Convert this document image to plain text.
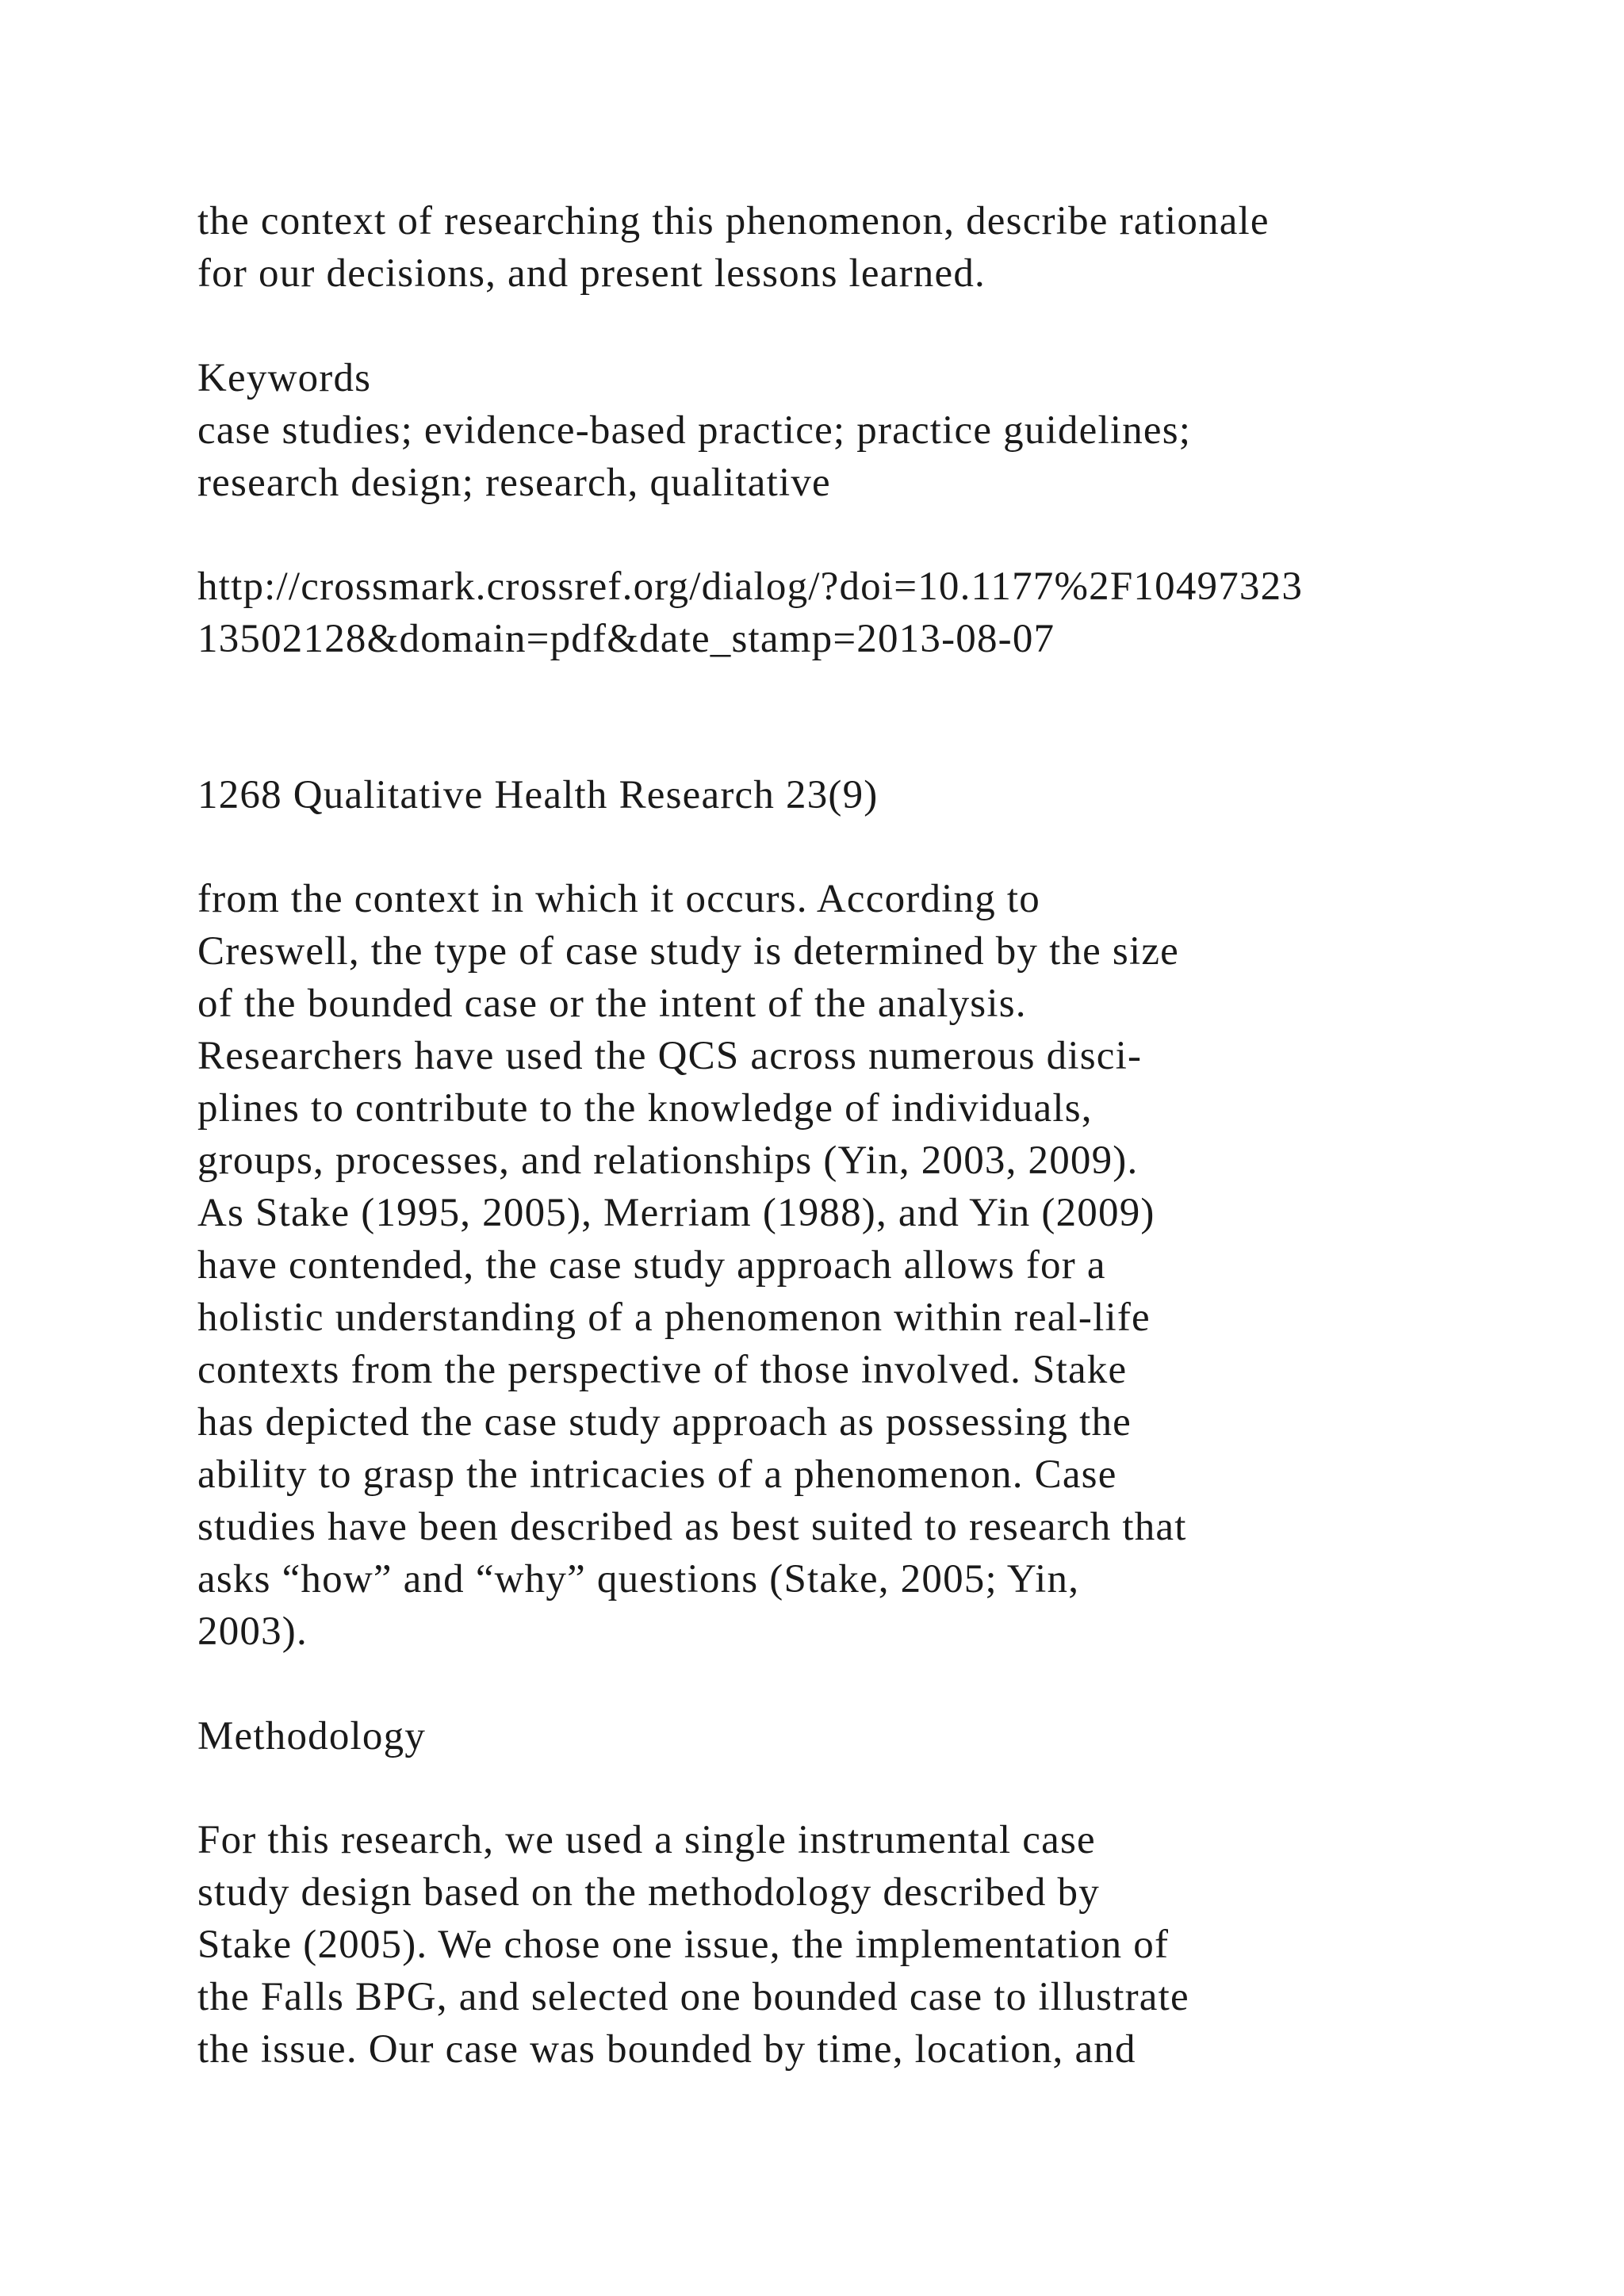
the context of researching this phenomenon, describe rationale
for our decisions, and present lessons learned.
Keywords
case studies; evidence-based practice; practice guidelines;
research design; research, qualitative
http://crossmark.crossref.org/dialog/?doi=10.1177%2F10497323
13502128&domain=pdf&date_stamp=2013-08-07
1268 Qualitative Health Research 23(9)
from the context in which it occurs. According to
Creswell, the type of case study is determined by the size
of the bounded case or the intent of the analysis.
Researchers have used the QCS across numerous disci-
plines to contribute to the knowledge of individuals,
groups, processes, and relationships (Yin, 2003, 2009).
As Stake (1995, 2005), Merriam (1988), and Yin (2009)
have contended, the case study approach allows for a
holistic understanding of a phenomenon within real-life
contexts from the perspective of those involved. Stake
has depicted the case study approach as possessing the
ability to grasp the intricacies of a phenomenon. Case
studies have been described as best suited to research that
asks “how” and “why” questions (Stake, 2005; Yin,
2003).
Methodology
For this research, we used a single instrumental case
study design based on the methodology described by
Stake (2005). We chose one issue, the implementation of
the Falls BPG, and selected one bounded case to illustrate
the issue. Our case was bounded by time, location, and
